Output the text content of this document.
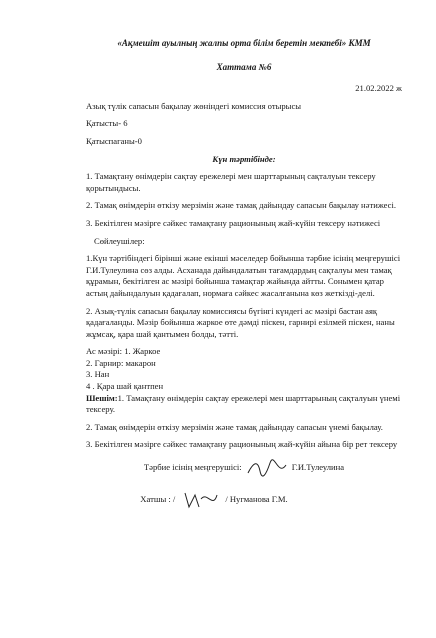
«Ақмешіт ауылның жалпы орта білім беретін мектебі» КММ
Хаттама №6
21.02.2022 ж

Азық түлік сапасын бақылау жөніндегі комиссия отырысы

Қатысты- 6

Қатыспаганы-0

Күн тәртібінде:

1. Тамақтану өнімдерін сақтау ережелері мен шарттарының сақталуын тексеру қорытындысы.

2. Тамақ өнімдерін өткізу мерзімін және тамақ дайындау сапасын бақылау нәтижесі.

3. Бекітілген мәзірге сәйкес тамақтану рационының жай-күйін тексеру нәтижесі

Сөйлеушілер:

1.Күн тәртібіндегі бірінші және екінші мәселедер бойынша тәрбие ісінің меңгерушісі Г.И.Тулеулина сөз алды. Асханада дайындалатын тағамдардың сақталуы мен тамақ құрамын, бекітілген ас мәзірі бойынша тамақтар жайында айтты. Сонымен қатар астың дайындалуын қадағалап, нормаға сәйкес жасалғанына көз жеткізді-делі.

2. Азық-түлік сапасын бақылау комиссиясы бүгінгі күндегі ас мәзірі бастан аяқ қадағаланды. Мәзір бойынша жаркое өте дәмді піскен, гарнирі езілмей піскен, наны жұмсақ, қара шай қантымен болды, тәтті.

Ас мәзірі: 1. Жаркое

2. Гарнир: макарон

3. Нан

4 . Қара шай қантпен

Шешім:1. Тамақтану өнімдерін сақтау ережелері мен шарттарының сақталуын үнемі тексеру.

2. Тамақ өнімдерін өткізу мерзімін және тамақ дайындау сапасын үнемі бақылау.

3. Бекітілген мәзірге сәйкес тамақтану рационының жай-күйін айына бір рет тексеру

Тәрбие ісінің меңгерушісі:	Г.И.Тулеулина
Хатшы : /	/ Нугманова Г.М.
